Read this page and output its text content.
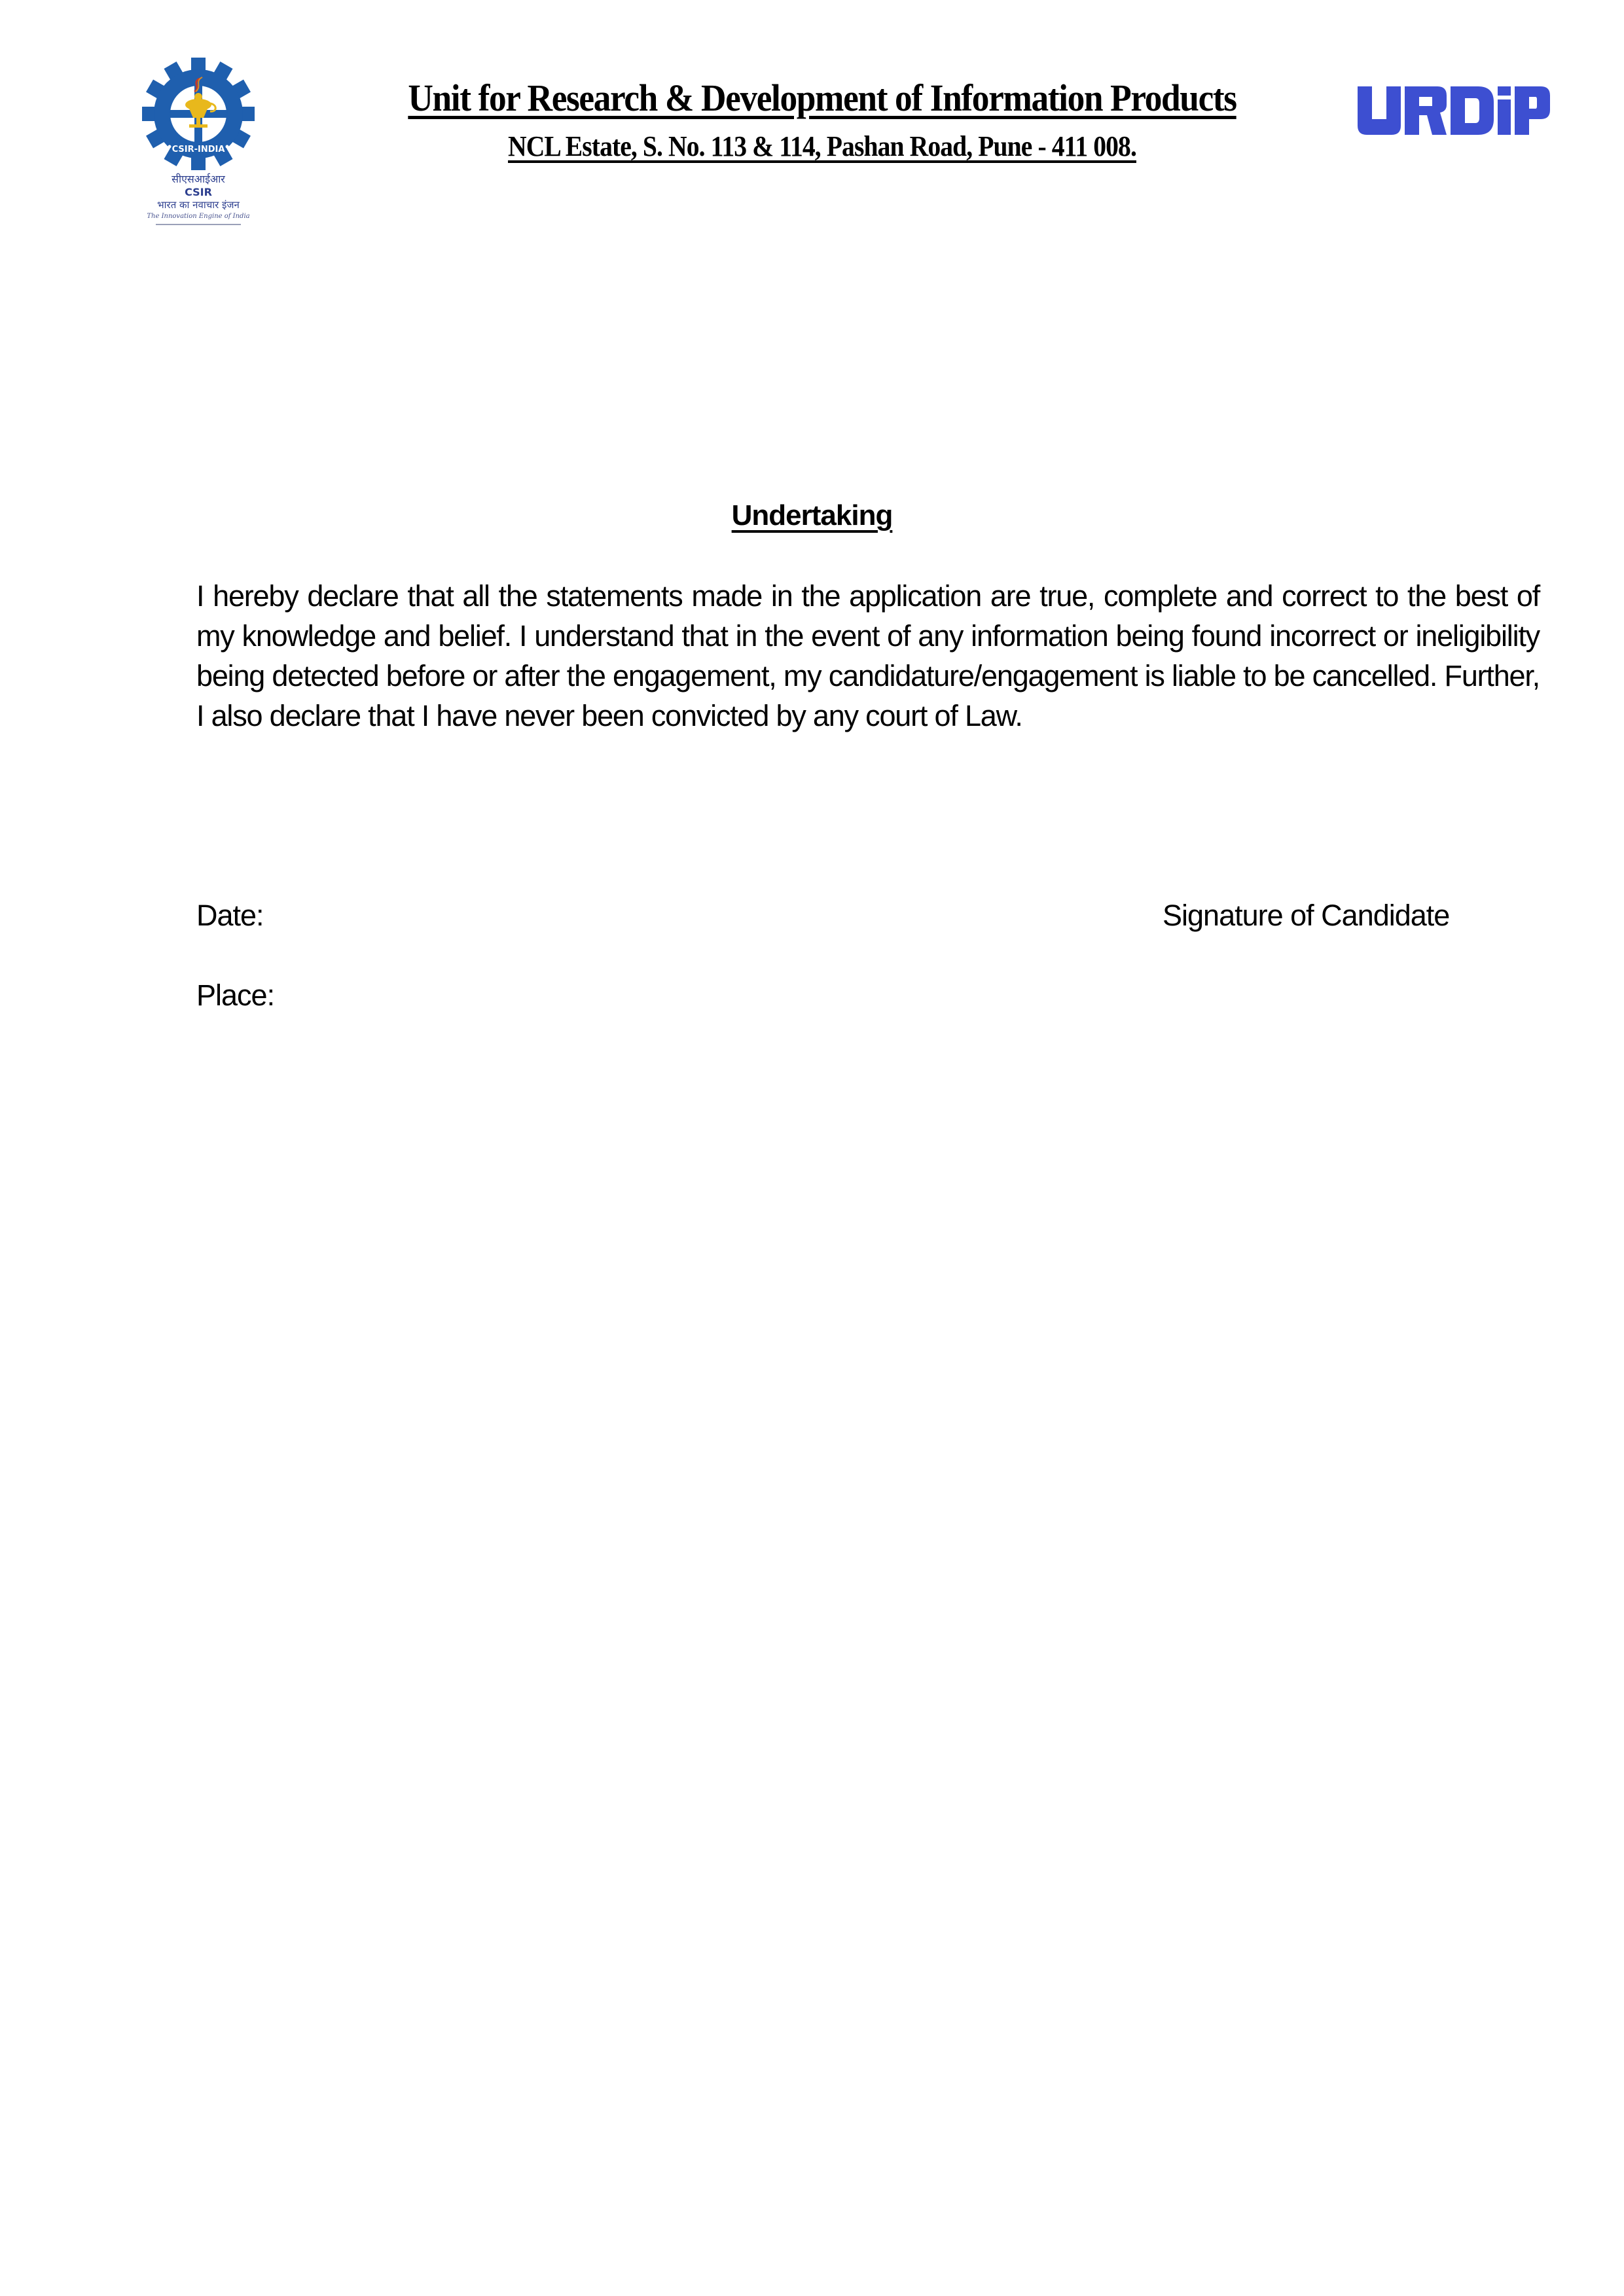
CSIR-INDIA
सीएसआईआर
CSIR
भारत का नवाचार इंजन
The Innovation Engine of India
Unit for Research & Development of Information Products
NCL Estate, S. No. 113 & 114, Pashan Road, Pune - 411 008.
Undertaking

I hereby declare that all the statements made in the application are true, complete and correct to the best of my knowledge and belief. I understand that in the event of any information being found incorrect or ineligibility being detected before or after the engagement, my candidature/engagement is liable to be cancelled. Further, I also declare that I have never been convicted by any court of Law.

Date:	Signature of Candidate
Place:
